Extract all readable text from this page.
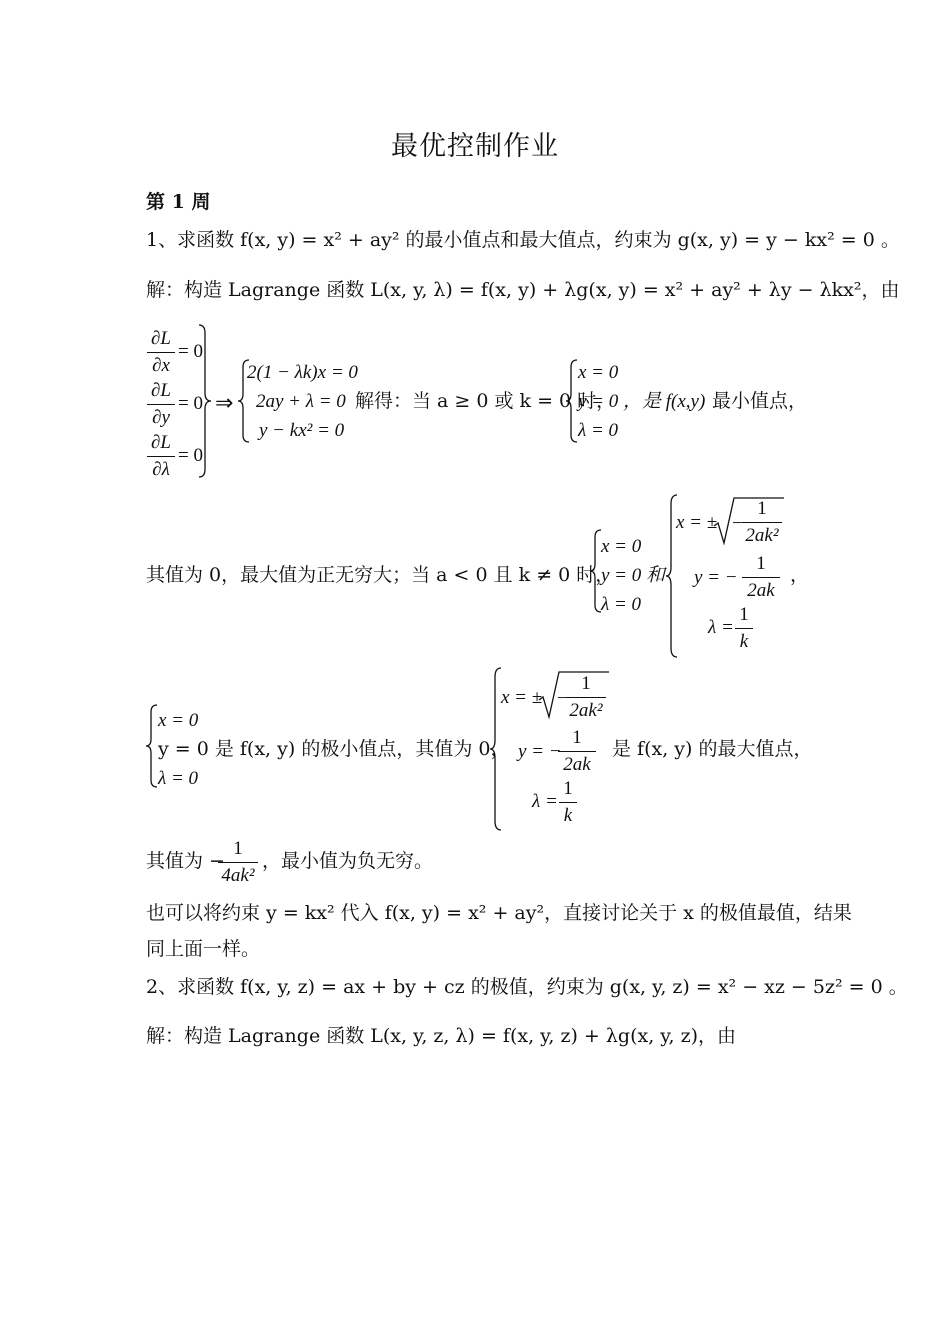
最优控制作业
第 1 周
1、求函数 f(x, y) = x² + ay² 的最小值点和最大值点，约束为 g(x, y) = y − kx² = 0 。
解：构造 Lagrange 函数 L(x, y, λ) = f(x, y) + λg(x, y) = x² + ay² + λy − λkx²，由
∂L
∂x
= 0
∂L
∂y
= 0
∂L
∂λ
= 0
⇒
2(1 − λk)x = 0
2ay + λ = 0
y − kx² = 0
解得：当 a ≥ 0 或 k = 0 时，
x = 0
y = 0 ，是 f(x,y)
λ = 0
最小值点，
其值为 0，最大值为正无穷大；当 a < 0 且 k ≠ 0 时，
x = 0
y = 0 和
λ = 0
x = ± −
1
2ak²
y = −
1
2ak
λ =
1
k
，
x = 0
y = 0 是 f(x, y) 的极小值点，其值为 0，
λ = 0
x = ± −
1
2ak²
y = −
1
2ak
λ =
1
k
是 f(x, y) 的最大值点，
其值为 −
1
4ak²
，最小值为负无穷。
也可以将约束 y = kx² 代入 f(x, y) = x² + ay²，直接讨论关于 x 的极值最值，结果
同上面一样。
2、求函数 f(x, y, z) = ax + by + cz 的极值，约束为 g(x, y, z) = x² − xz − 5z² = 0 。
解：构造 Lagrange 函数 L(x, y, z, λ) = f(x, y, z) + λg(x, y, z)，由
